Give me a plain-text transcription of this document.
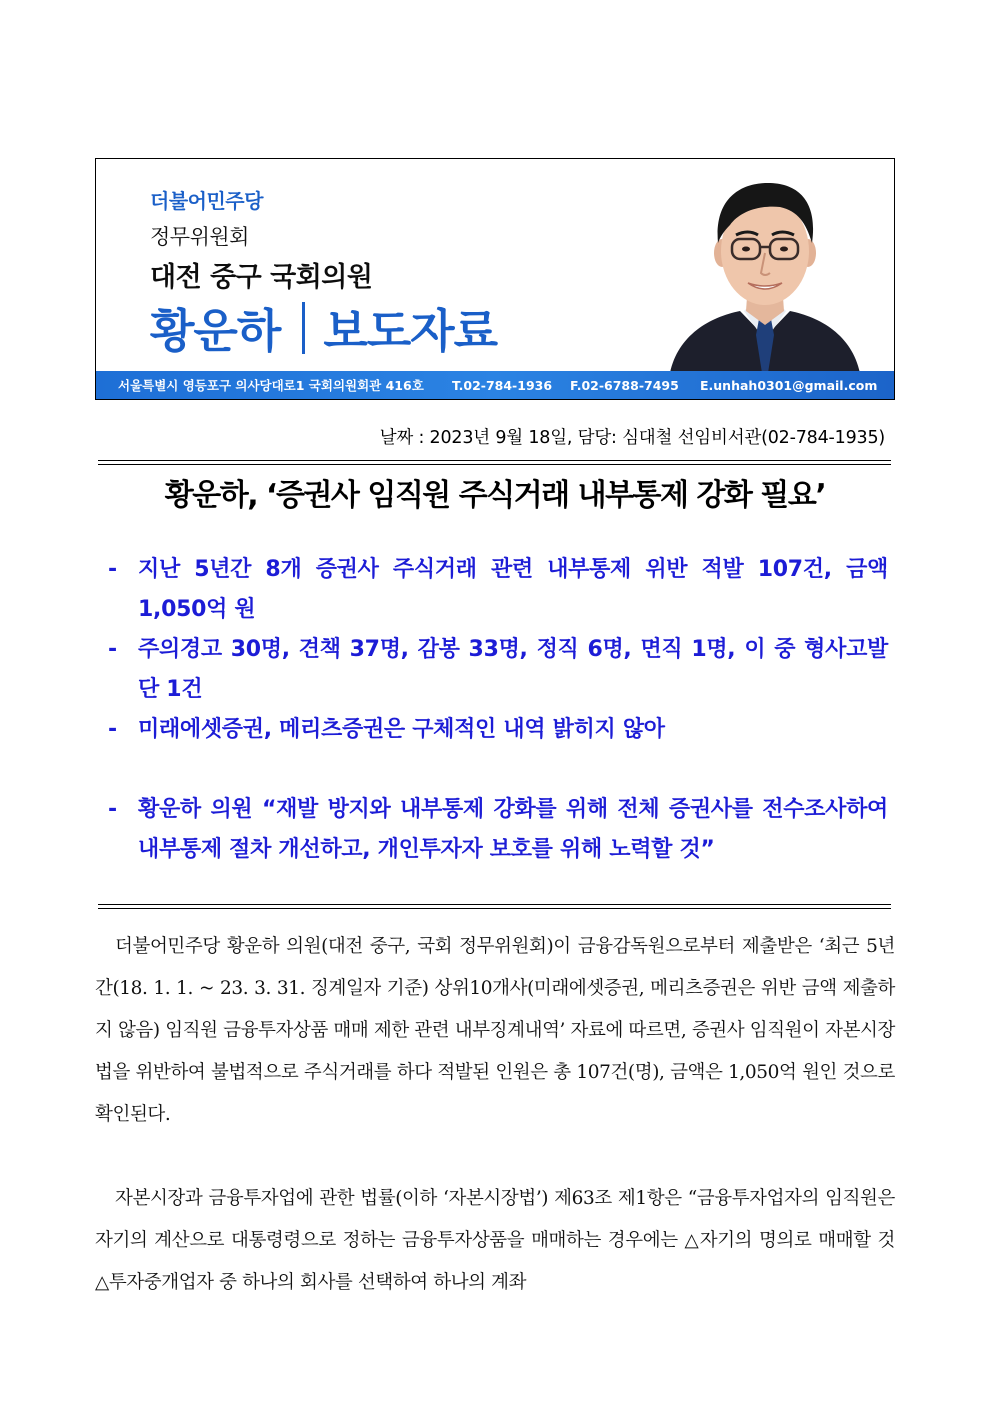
더불어민주당
정무위원회
대전 중구 국회의원
황운하 보도자료
서울특별시 영등포구 의사당대로1 국회의원회관 416호 T.02-784-1936 F.02-6788-7495 E.unhah0301@gmail.com
날짜 : 2023년 9월 18일, 담당: 심대철 선임비서관(02-784-1935)
황운하, ‘증권사 임직원 주식거래 내부통제 강화 필요’
- 지난 5년간 8개 증권사 주식거래 관련 내부통제 위반 적발 107건, 금액 1,050억 원
- 주의경고 30명, 견책 37명, 감봉 33명, 정직 6명, 면직 1명, 이 중 형사고발 단 1건
- 미래에셋증권, 메리츠증권은 구체적인 내역 밝히지 않아
- 황운하 의원 “재발 방지와 내부통제 강화를 위해 전체 증권사를 전수조사하여 내부통제 절차 개선하고, 개인투자자 보호를 위해 노력할 것”

더불어민주당 황운하 의원(대전 중구, 국회 정무위원회)이 금융감독원으로부터 제출받은 ‘최근 5년간(18. 1. 1. ~ 23. 3. 31. 징계일자 기준) 상위10개사(미래에셋증권, 메리츠증권은 위반 금액 제출하지 않음) 임직원 금융투자상품 매매 제한 관련 내부징계내역’ 자료에 따르면, 증권사 임직원이 자본시장법을 위반하여 불법적으로 주식거래를 하다 적발된 인원은 총 107건(명), 금액은 1,050억 원인 것으로 확인된다.

자본시장과 금융투자업에 관한 법률(이하 ‘자본시장법’) 제63조 제1항은 “금융투자업자의 임직원은 자기의 계산으로 대통령령으로 정하는 금융투자상품을 매매하는 경우에는 △자기의 명의로 매매할 것 △투자중개업자 중 하나의 회사를 선택하여 하나의 계좌
